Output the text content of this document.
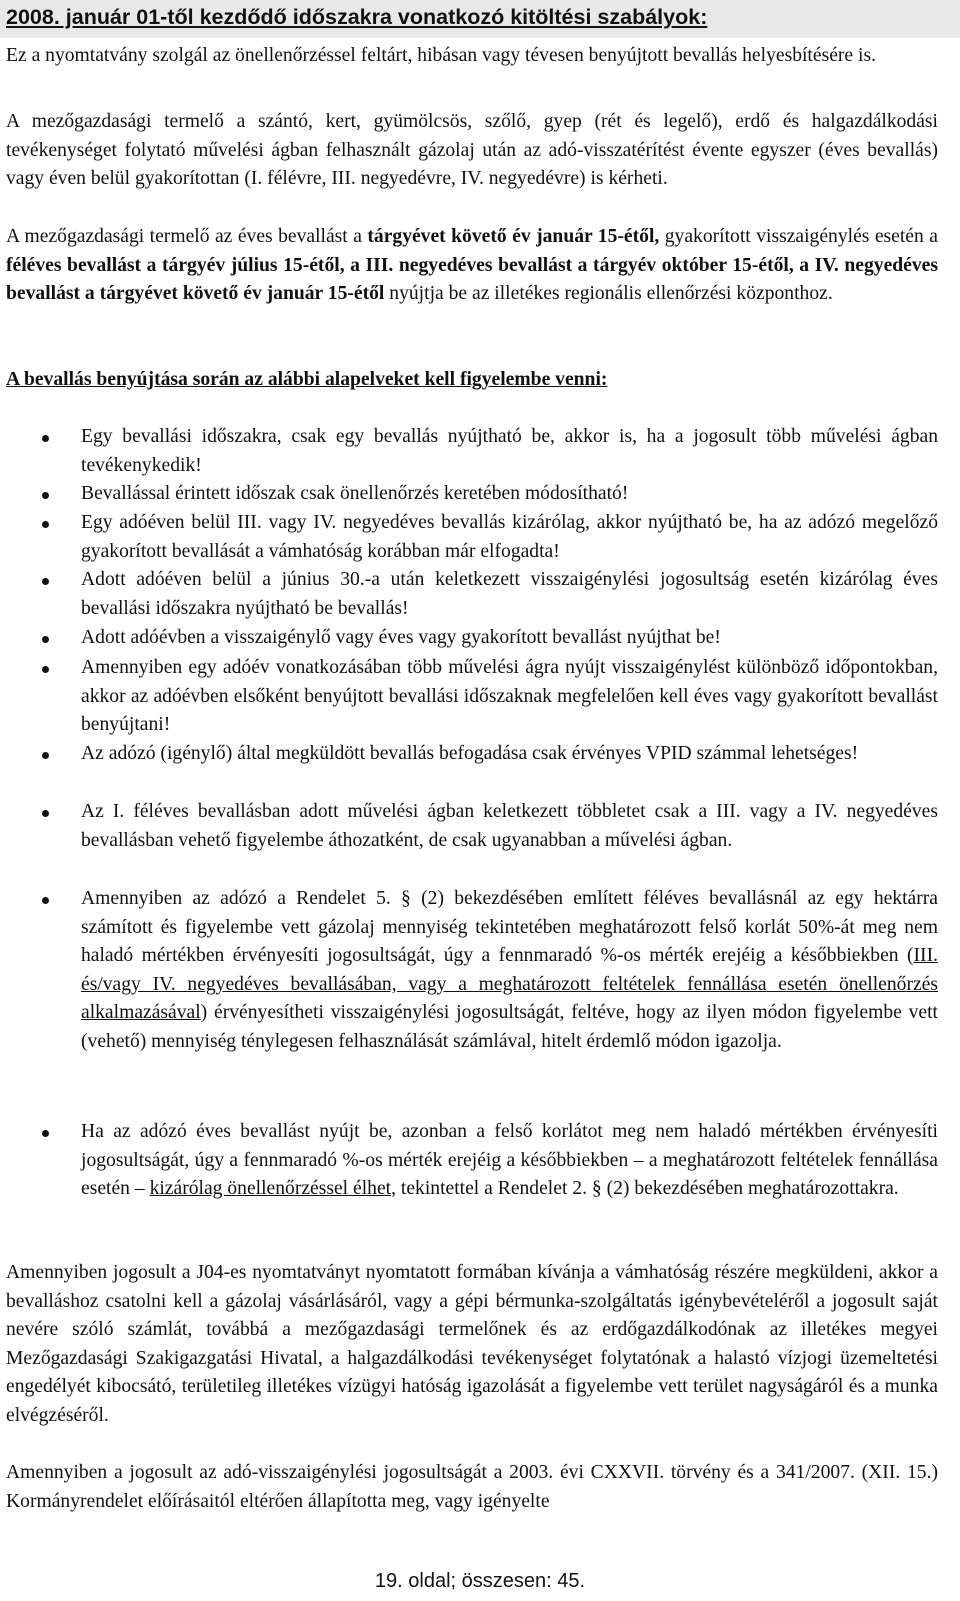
2008. január 01-től kezdődő időszakra vonatkozó kitöltési szabályok:

Ez a nyomtatvány szolgál az önellenőrzéssel feltárt, hibásan vagy tévesen benyújtott bevallás helyesbítésére is.

A mezőgazdasági termelő a szántó, kert, gyümölcsös, szőlő, gyep (rét és legelő), erdő és halgazdálkodási tevékenységet folytató művelési ágban felhasznált gázolaj után az adó-visszatérítést évente egyszer (éves bevallás) vagy éven belül gyakorítottan (I. félévre, III. negyedévre, IV. negyedévre) is kérheti.

A mezőgazdasági termelő az éves bevallást a tárgyévet követő év január 15-étől, gyakorított visszaigénylés esetén a féléves bevallást a tárgyév július 15-étől, a III. negyedéves bevallást a tárgyév október 15-étől, a IV. negyedéves bevallást a tárgyévet követő év január 15-étől nyújtja be az illetékes regionális ellenőrzési központhoz.

A bevallás benyújtása során az alábbi alapelveket kell figyelembe venni:

Egy bevallási időszakra, csak egy bevallás nyújtható be, akkor is, ha a jogosult több művelési ágban tevékenykedik!
Bevallással érintett időszak csak önellenőrzés keretében módosítható!
Egy adóéven belül III. vagy IV. negyedéves bevallás kizárólag, akkor nyújtható be, ha az adózó megelőző gyakorított bevallását a vámhatóság korábban már elfogadta!
Adott adóéven belül a június 30.-a után keletkezett visszaigénylési jogosultság esetén kizárólag éves bevallási időszakra nyújtható be bevallás!
Adott adóévben a visszaigénylő vagy éves vagy gyakorított bevallást nyújthat be!
Amennyiben egy adóév vonatkozásában több művelési ágra nyújt visszaigénylést különböző időpontokban, akkor az adóévben elsőként benyújtott bevallási időszaknak megfelelően kell éves vagy gyakorított bevallást benyújtani!
Az adózó (igénylő) által megküldött bevallás befogadása csak érvényes VPID számmal lehetséges!
Az I. féléves bevallásban adott művelési ágban keletkezett többletet csak a III. vagy a IV. negyedéves bevallásban vehető figyelembe áthozatként, de csak ugyanabban a művelési ágban.
Amennyiben az adózó a Rendelet 5. § (2) bekezdésében említett féléves bevallásnál az egy hektárra számított és figyelembe vett gázolaj mennyiség tekintetében meghatározott felső korlát 50%-át meg nem haladó mértékben érvényesíti jogosultságát, úgy a fennmaradó %-os mérték erejéig a későbbiekben (III. és/vagy IV. negyedéves bevallásában, vagy a meghatározott feltételek fennállása esetén önellenőrzés alkalmazásával) érvényesítheti visszaigénylési jogosultságát, feltéve, hogy az ilyen módon figyelembe vett (vehető) mennyiség ténylegesen felhasználását számlával, hitelt érdemlő módon igazolja.
Ha az adózó éves bevallást nyújt be, azonban a felső korlátot meg nem haladó mértékben érvényesíti jogosultságát, úgy a fennmaradó %-os mérték erejéig a későbbiekben – a meghatározott feltételek fennállása esetén – kizárólag önellenőrzéssel élhet, tekintettel a Rendelet 2. § (2) bekezdésében meghatározottakra.

Amennyiben jogosult a J04-es nyomtatványt nyomtatott formában kívánja a vámhatóság részére megküldeni, akkor a bevalláshoz csatolni kell a gázolaj vásárlásáról, vagy a gépi bérmunka-szolgáltatás igénybevételéről a jogosult saját nevére szóló számlát, továbbá a mezőgazdasági termelőnek és az erdőgazdálkodónak az illetékes megyei Mezőgazdasági Szakigazgatási Hivatal, a halgazdálkodási tevékenységet folytatónak a halastó vízjogi üzemeltetési engedélyét kibocsátó, területileg illetékes vízügyi hatóság igazolását a figyelembe vett terület nagyságáról és a munka elvégzéséről.

Amennyiben a jogosult az adó-visszaigénylési jogosultságát a 2003. évi CXXVII. törvény és a 341/2007. (XII. 15.) Kormányrendelet előírásaitól eltérően állapította meg, vagy igényelte

19. oldal; összesen: 45.
